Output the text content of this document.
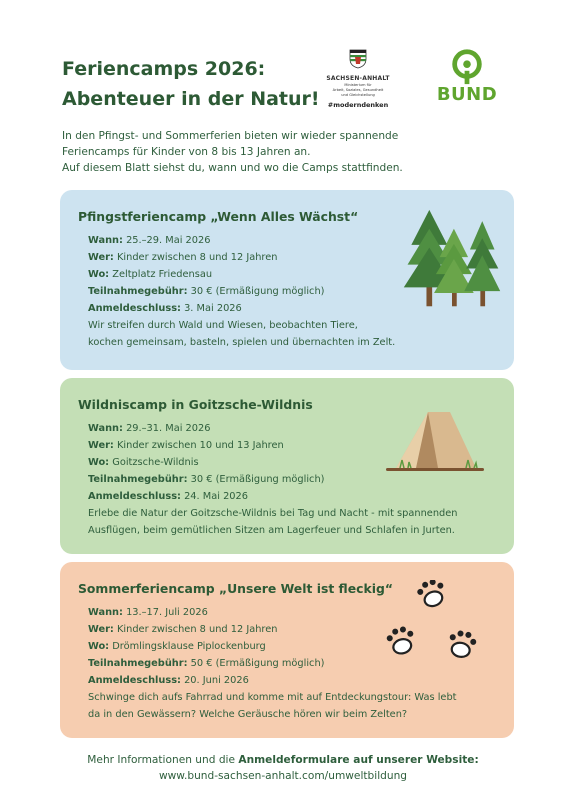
Feriencamps 2026:
Abenteuer in der Natur!
SACHSEN-ANHALT
Ministerium für
Arbeit, Soziales, Gesundheit
und Gleichstellung
#moderndenken	BUND
In den Pfingst- und Sommerferien bieten wir wieder spannende
Feriencamps für Kinder von 8 bis 13 Jahren an.
Auf diesem Blatt siehst du, wann und wo die Camps stattfinden.
Pfingstferiencamp „Wenn Alles Wächst“
Wann: 25.–29. Mai 2026
Wer: Kinder zwischen 8 und 12 Jahren
Wo: Zeltplatz Friedensau
Teilnahmegebühr: 30 € (Ermäßigung möglich)
Anmeldeschluss: 3. Mai 2026
Wir streifen durch Wald und Wiesen, beobachten Tiere,
kochen gemeinsam, basteln, spielen und übernachten im Zelt.
Wildniscamp in Goitzsche-Wildnis
Wann: 29.–31. Mai 2026
Wer: Kinder zwischen 10 und 13 Jahren
Wo: Goitzsche-Wildnis
Teilnahmegebühr: 30 € (Ermäßigung möglich)
Anmeldeschluss: 24. Mai 2026
Erlebe die Natur der Goitzsche-Wildnis bei Tag und Nacht - mit spannenden
Ausflügen, beim gemütlichen Sitzen am Lagerfeuer und Schlafen in Jurten.
Sommerferiencamp „Unsere Welt ist fleckig“
Wann: 13.–17. Juli 2026
Wer: Kinder zwischen 8 und 12 Jahren
Wo: Drömlingsklause Piplockenburg
Teilnahmegebühr: 50 € (Ermäßigung möglich)
Anmeldeschluss: 20. Juni 2026
Schwinge dich aufs Fahrrad und komme mit auf Entdeckungstour: Was lebt
da in den Gewässern? Welche Geräusche hören wir beim Zelten?
Mehr Informationen und die Anmeldeformulare auf unserer Website:
www.bund-sachsen-anhalt.com/umweltbildung
